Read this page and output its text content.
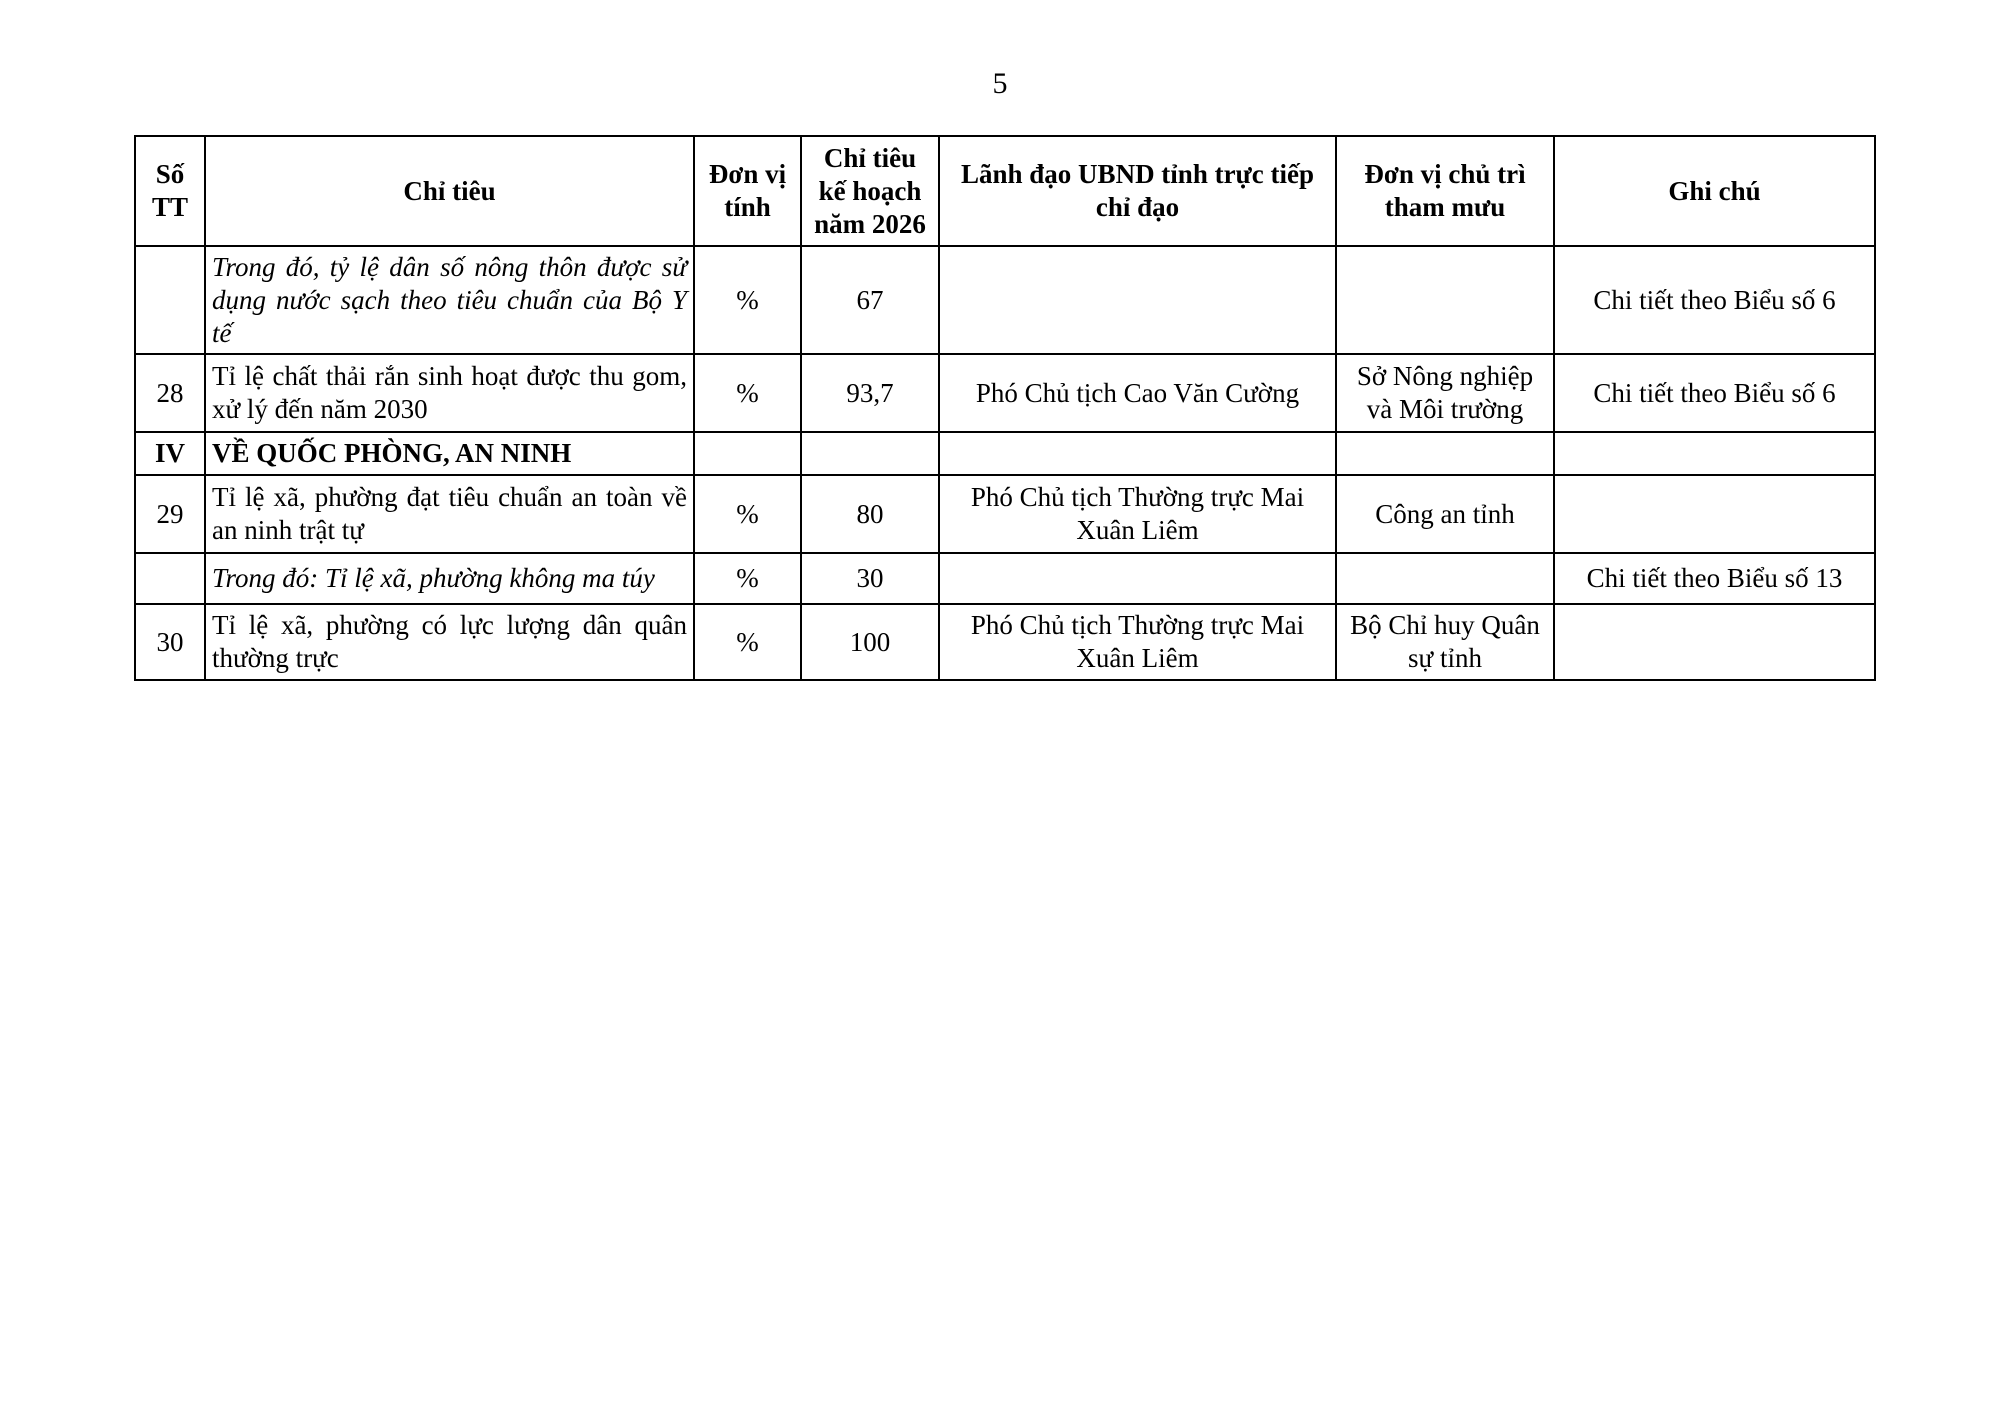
5
Số TT	Chỉ tiêu	Đơn vị tính	Chỉ tiêu kế hoạch năm 2026	Lãnh đạo UBND tỉnh trực tiếp chỉ đạo	Đơn vị chủ trì tham mưu	Ghi chú
	Trong đó, tỷ lệ dân số nông thôn được sử dụng nước sạch theo tiêu chuẩn của Bộ Y tế	%	67			Chi tiết theo Biểu số 6
28	Tỉ lệ chất thải rắn sinh hoạt được thu gom, xử lý đến năm 2030	%	93,7	Phó Chủ tịch Cao Văn Cường	Sở Nông nghiệp và Môi trường	Chi tiết theo Biểu số 6
IV	VỀ QUỐC PHÒNG, AN NINH					
29	Tỉ lệ xã, phường đạt tiêu chuẩn an toàn về an ninh trật tự	%	80	Phó Chủ tịch Thường trực Mai Xuân Liêm	Công an tỉnh	
	Trong đó: Tỉ lệ xã, phường không ma túy	%	30			Chi tiết theo Biểu số 13
30	Tỉ lệ xã, phường có lực lượng dân quân thường trực	%	100	Phó Chủ tịch Thường trực Mai Xuân Liêm	Bộ Chỉ huy Quân sự tỉnh	
